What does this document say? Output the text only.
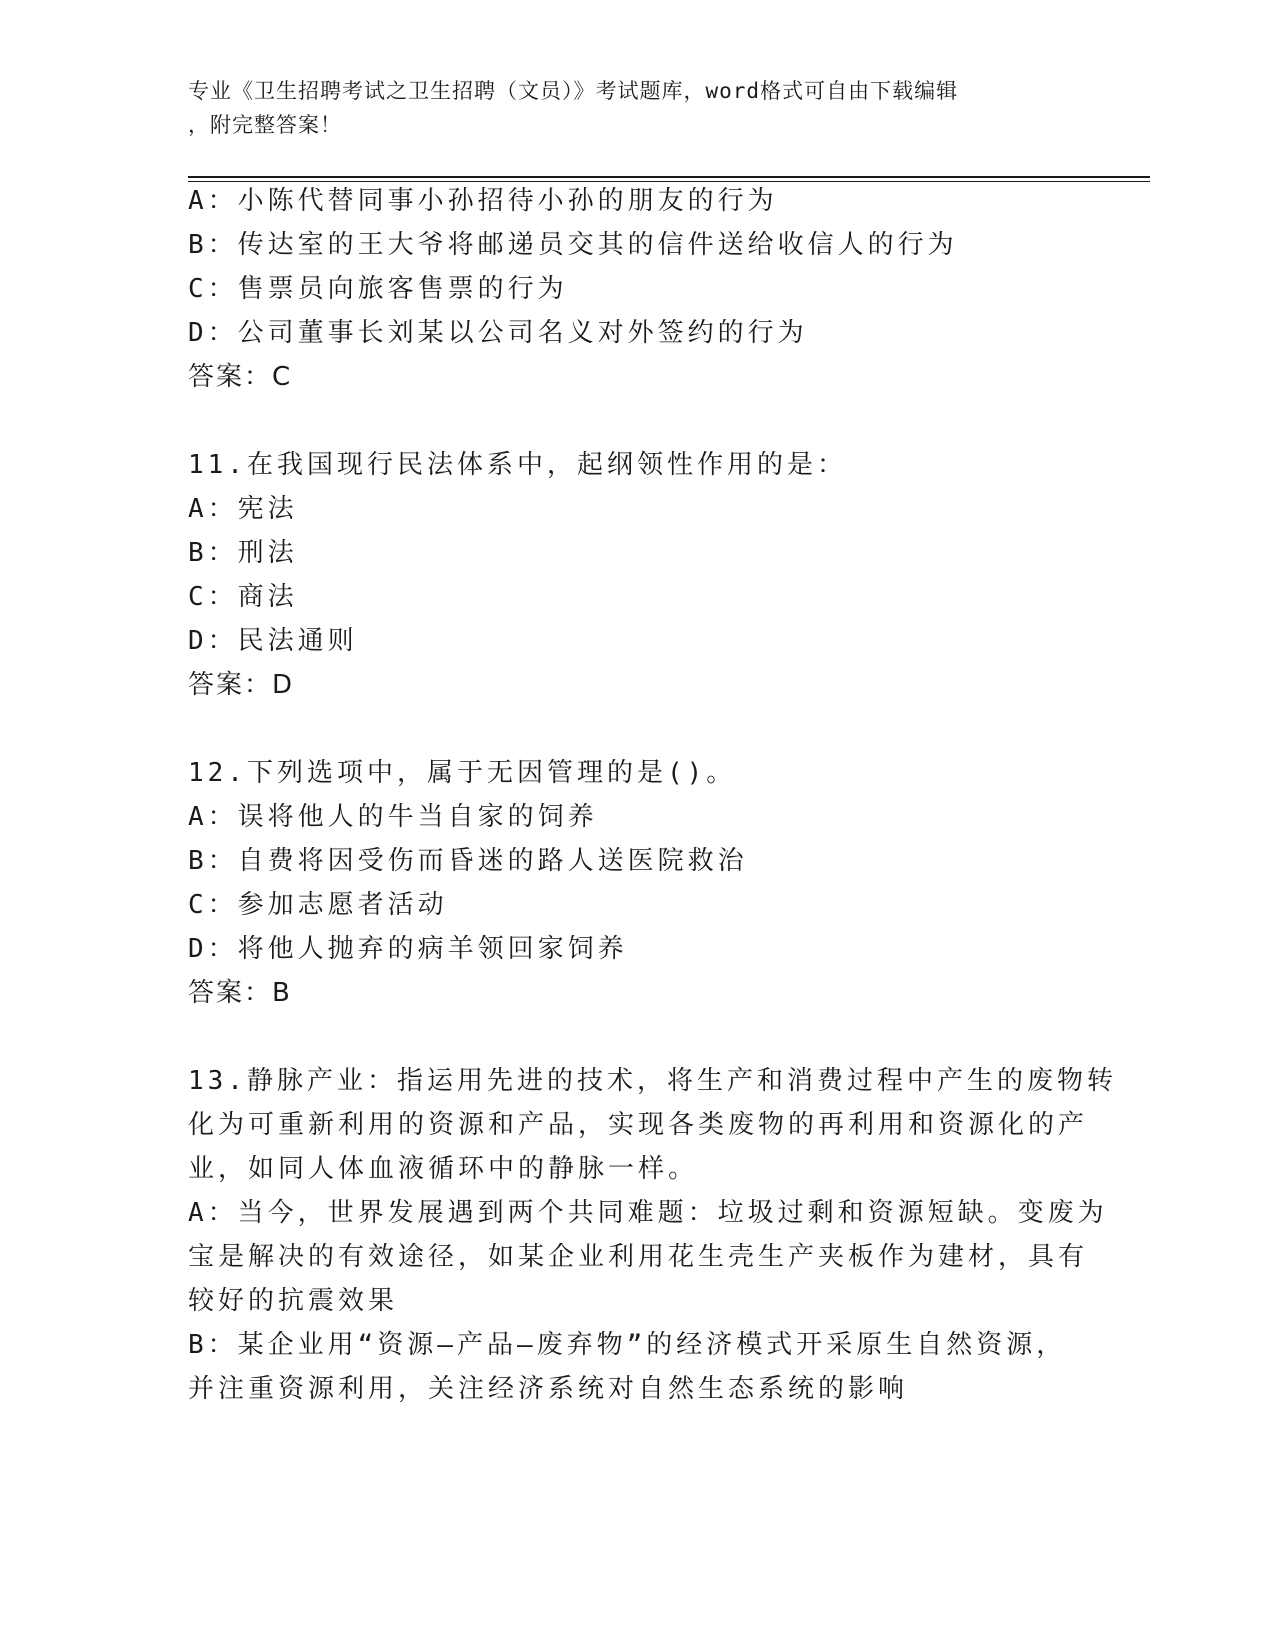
专业《卫生招聘考试之卫生招聘（文员）》考试题库，word格式可自由下载编辑
，附完整答案！
A：小陈代替同事小孙招待小孙的朋友的行为
B：传达室的王大爷将邮递员交其的信件送给收信人的行为
C：售票员向旅客售票的行为
D：公司董事长刘某以公司名义对外签约的行为
答案：C
11.在我国现行民法体系中，起纲领性作用的是：
A：宪法
B：刑法
C：商法
D：民法通则
答案：D
12.下列选项中，属于无因管理的是()。
A：误将他人的牛当自家的饲养
B：自费将因受伤而昏迷的路人送医院救治
C：参加志愿者活动
D：将他人抛弃的病羊领回家饲养
答案：B
13.静脉产业：指运用先进的技术，将生产和消费过程中产生的废物转
化为可重新利用的资源和产品，实现各类废物的再利用和资源化的产
业，如同人体血液循环中的静脉一样。
A：当今，世界发展遇到两个共同难题：垃圾过剩和资源短缺。变废为
宝是解决的有效途径，如某企业利用花生壳生产夹板作为建材，具有
较好的抗震效果
B：某企业用“资源—产品—废弃物”的经济模式开采原生自然资源，
并注重资源利用，关注经济系统对自然生态系统的影响
